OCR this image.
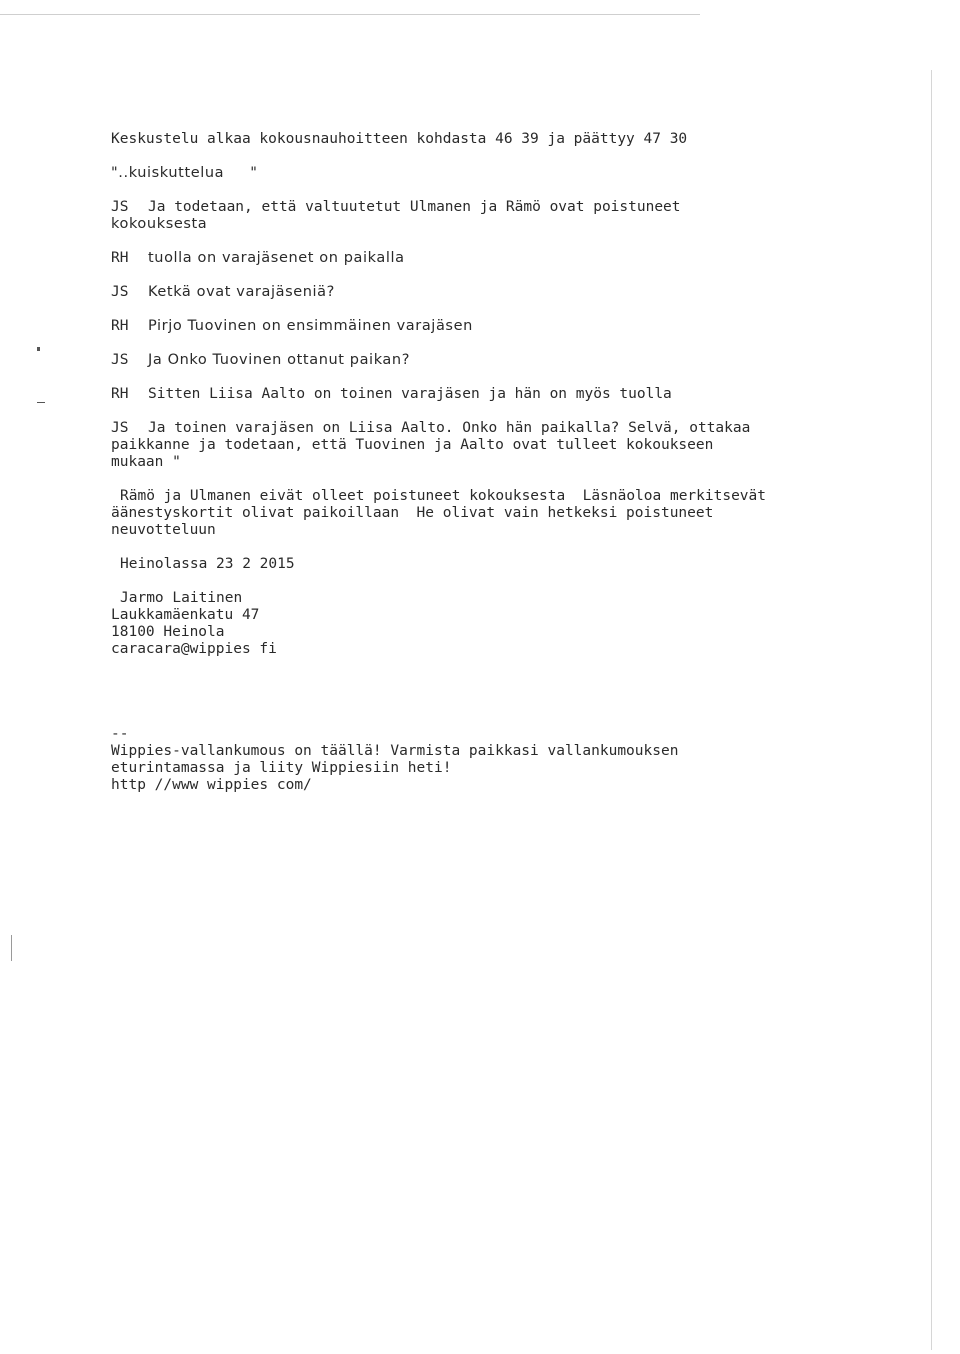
Keskustelu alkaa kokousnauhoitteen kohdasta 46 39 ja päättyy 47 30

"..kuiskuttelua     "

JS	Ja todetaan, että valtuutetut Ulmanen ja Rämö ovat poistuneet

kokouksesta

RH	tuolla on varajäsenet on paikalla
JS	Ketkä ovat varajäseniä?
RH	Pirjo Tuovinen on ensimmäinen varajäsen
JS	Ja Onko Tuovinen ottanut paikan?
RH	Sitten Liisa Aalto on toinen varajäsen ja hän on myös tuolla
JS	Ja toinen varajäsen on Liisa Aalto. Onko hän paikalla? Selvä, ottakaa

paikkanne ja todetaan, että Tuovinen ja Aalto ovat tulleet kokoukseen

mukaan "

Rämö ja Ulmanen eivät olleet poistuneet kokouksesta  Läsnäoloa merkitsevät

äänestyskortit olivat paikoillaan  He olivat vain hetkeksi poistuneet

neuvotteluun

Heinolassa 23 2 2015

Jarmo Laitinen

Laukkamäenkatu 47

18100 Heinola

caracara@wippies fi

--

Wippies-vallankumous on täällä! Varmista paikkasi vallankumouksen

eturintamassa ja liity Wippiesiin heti!

http //www wippies com/
